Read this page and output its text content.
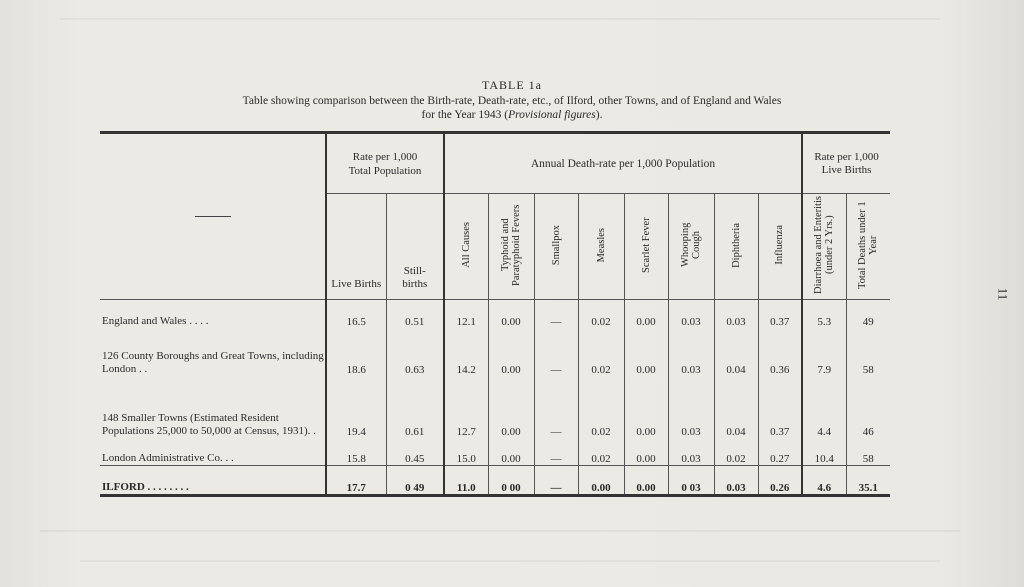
TABLE 1a
Table showing comparison between the Birth-rate, Death-rate, etc., of Ilford, other Towns, and of England and Wales
for the Year 1943 (Provisional figures).
11
	Rate per 1,000 Total Population		Annual Death-rate per 1,000 Population								Rate per 1,000 Live Births	

	Live Births	Still-births	All Causes	Typhoid and Paratyphoid Fevers	Smallpox	Measles	Scarlet Fever	Whooping Cough	Diphtheria	Influenza	Diarrhoea and Enteritis (under 2 Yrs.)	Total Deaths under 1 Year

England and Wales . . . .	16.5	0.51	12.1	0.00	—	0.02	0.00	0.03	0.03	0.37	5.3	49
126 County Boroughs and Great Towns, including London . .	18.6	0.63	14.2	0.00	—	0.02	0.00	0.03	0.04	0.36	7.9	58
148 Smaller Towns (Estimated Resident Populations 25,000 to 50,000 at Census, 1931). .	19.4	0.61	12.7	0.00	—	0.02	0.00	0.03	0.04	0.37	4.4	46
London Administrative Co. . .	15.8	0.45	15.0	0.00	—	0.02	0.00	0.03	0.02	0.27	10.4	58
ILFORD . . . . . . . .	17.7	0 49	11.0	0 00	—	0.00	0.00	0 03	0.03	0.26	4.6	35.1
